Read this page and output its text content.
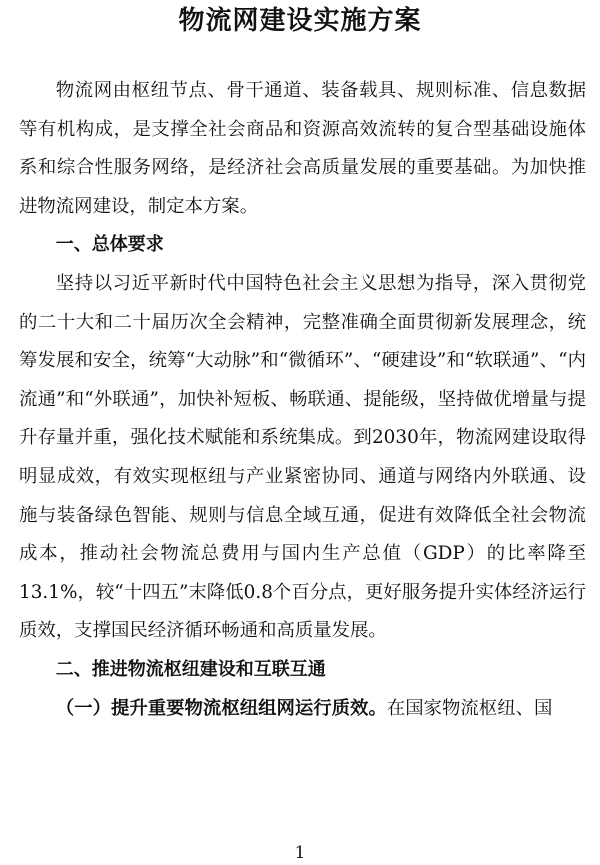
物流网建设实施方案

物流网由枢纽节点、骨干通道、装备载具、规则标准、信息数据等有机构成，是支撑全社会商品和资源高效流转的复合型基础设施体系和综合性服务网络，是经济社会高质量发展的重要基础。为加快推进物流网建设，制定本方案。

一、总体要求

坚持以习近平新时代中国特色社会主义思想为指导，深入贯彻党的二十大和二十届历次全会精神，完整准确全面贯彻新发展理念，统筹发展和安全，统筹“大动脉”和“微循环”、“硬建设”和“软联通”、“内流通”和“外联通”，加快补短板、畅联通、提能级，坚持做优增量与提升存量并重，强化技术赋能和系统集成。到2030年，物流网建设取得明显成效，有效实现枢纽与产业紧密协同、通道与网络内外联通、设施与装备绿色智能、规则与信息全域互通，促进有效降低全社会物流成本，推动社会物流总费用与国内生产总值（GDP）的比率降至13.1%，较“十四五”末降低0.8个百分点，更好服务提升实体经济运行质效，支撑国民经济循环畅通和高质量发展。

二、推进物流枢纽建设和互联互通

（一）提升重要物流枢纽组网运行质效。在国家物流枢纽、国

1
